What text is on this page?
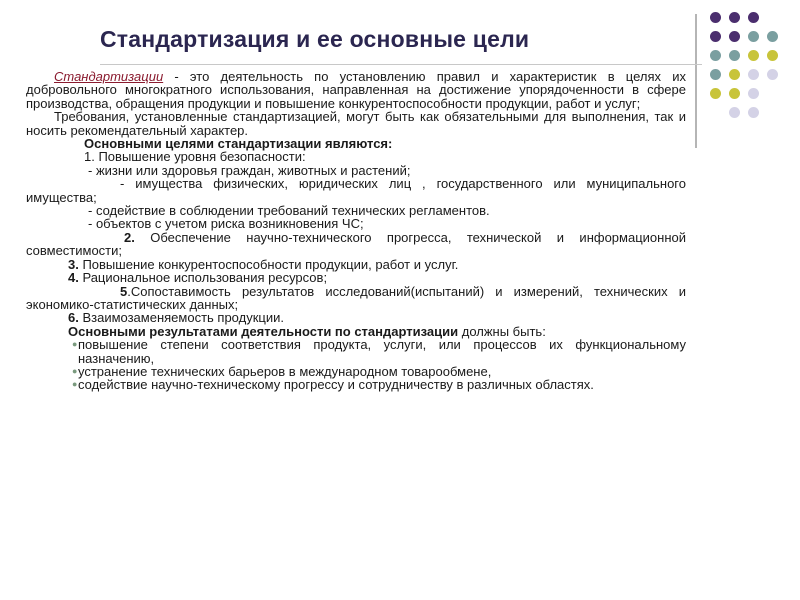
Стандартизация и ее основные цели

Стандартизации - это деятельность по установлению правил и характеристик в целях их добровольного многократного использования, направленная на достижение упорядоченности в сфере производства, обращения продукции и повышение конкурентоспособности продукции, работ и услуг;

Требования, установленные стандартизацией, могут быть как обязательными для выполнения, так и носить рекомендательный характер.

Основными целями стандартизации являются:

1. Повышение уровня безопасности:

- жизни или здоровья граждан, животных и растений;

- имущества физических, юридических лиц , государственного или муниципального имущества;

- содействие в соблюдении требований технических регламентов.

- объектов с учетом риска возникновения ЧС;

2. Обеспечение научно-технического прогресса, технической и информационной совместимости;

3. Повышение конкурентоспособности продукции, работ и услуг.

4. Рациональное использования ресурсов;

5.Сопоставимость результатов исследований(испытаний) и измерений, технических и экономико-статистических данных;

6. Взаимозаменяемость продукции.

Основными результатами деятельности по стандартизации должны быть:

● повышение степени соответствия продукта, услуги, или процессов их функциональному назначению,
● устранение технических барьеров в международном товарообмене,
● содействие научно-техническому прогрессу и сотрудничеству в различных областях.
